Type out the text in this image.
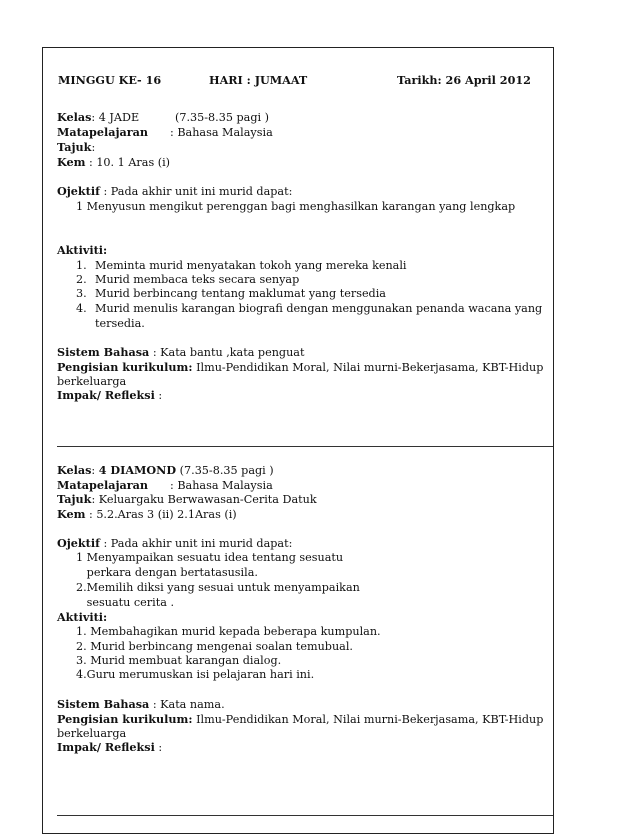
MINGGU KE- 16	HARI : JUMAAT	Tarikh: 26 April 2012
Kelas: 4 JADE	(7.35-8.35 pagi )
Matapelajaran : Bahasa Malaysia
Tajuk:
Kem : 10. 1 Aras (i)
Ojektif : Pada akhir unit ini murid dapat:
1 Menyusun mengikut perenggan bagi menghasilkan karangan yang lengkap
Aktiviti:
1. Meminta murid menyatakan tokoh yang mereka kenali
2. Murid membaca teks secara senyap
3. Murid berbincang tentang maklumat yang tersedia
4. Murid menulis karangan biografi dengan menggunakan penanda wacana yang
tersedia.
Sistem Bahasa : Kata bantu ,kata penguat
Pengisian kurikulum: Ilmu-Pendidikan Moral, Nilai murni-Bekerjasama, KBT-Hidup
berkeluarga
Impak/ Refleksi :
Kelas: 4 DIAMOND (7.35-8.35 pagi )
Matapelajaran : Bahasa Malaysia
Tajuk: Keluargaku Berwawasan-Cerita Datuk
Kem : 5.2.Aras 3 (ii) 2.1Aras (i)
Ojektif : Pada akhir unit ini murid dapat:
1 Menyampaikan sesuatu idea tentang sesuatu
perkara dengan bertatasusila.
2.Memilih diksi yang sesuai untuk menyampaikan
sesuatu cerita .
Aktiviti:
1. Membahagikan murid kepada beberapa kumpulan.
2. Murid berbincang mengenai soalan temubual.
3. Murid membuat karangan dialog.
4.Guru merumuskan isi pelajaran hari ini.
Sistem Bahasa : Kata nama.
Pengisian kurikulum: Ilmu-Pendidikan Moral, Nilai murni-Bekerjasama, KBT-Hidup
berkeluarga
Impak/ Refleksi :
